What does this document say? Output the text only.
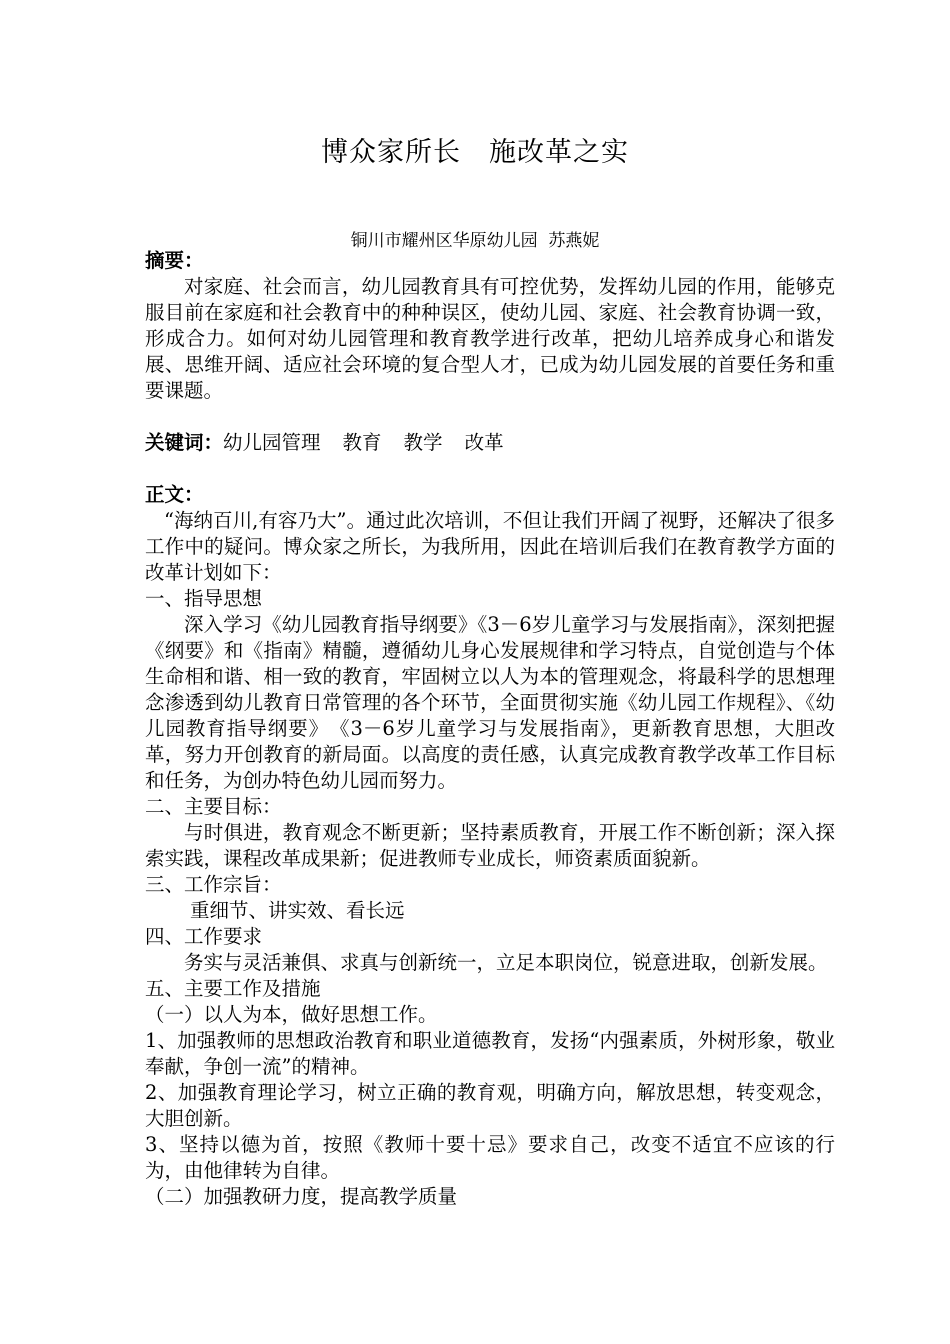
博众家所长　施改革之实
铜川市耀州区华原幼儿园  苏燕妮

摘要：

对家庭、社会而言，幼儿园教育具有可控优势，发挥幼儿园的作用，能够克服目前在家庭和社会教育中的种种误区，使幼儿园、家庭、社会教育协调一致，形成合力。如何对幼儿园管理和教育教学进行改革，把幼儿培养成身心和谐发展、思维开阔、适应社会环境的复合型人才，已成为幼儿园发展的首要任务和重要课题。

关键词：幼儿园管理 教育 教学 改革

正文：

“海纳百川,有容乃大”。通过此次培训，不但让我们开阔了视野，还解决了很多工作中的疑问。博众家之所长，为我所用，因此在培训后我们在教育教学方面的改革计划如下：

一、指导思想

深入学习《幼儿园教育指导纲要》《3－6岁儿童学习与发展指南》，深刻把握《纲要》和《指南》精髓，遵循幼儿身心发展规律和学习特点，自觉创造与个体生命相和谐、相一致的教育，牢固树立以人为本的管理观念，将最科学的思想理念渗透到幼儿教育日常管理的各个环节，全面贯彻实施《幼儿园工作规程》、《幼儿园教育指导纲要》　《3－6岁儿童学习与发展指南》，更新教育思想，大胆改革，努力开创教育的新局面。以高度的责任感，认真完成教育教学改革工作目标和任务，为创办特色幼儿园而努力。

二、主要目标：

与时俱进，教育观念不断更新；坚持素质教育，开展工作不断创新；深入探索实践，课程改革成果新；促进教师专业成长，师资素质面貌新。

三、工作宗旨：

重细节、讲实效、看长远

四、工作要求

务实与灵活兼俱、求真与创新统一，立足本职岗位，锐意进取，创新发展。

五、主要工作及措施

（一）以人为本，做好思想工作。

1、加强教师的思想政治教育和职业道德教育，发扬“内强素质，外树形象，敬业奉献，争创一流”的精神。

2、加强教育理论学习，树立正确的教育观，明确方向，解放思想，转变观念，大胆创新。

3、坚持以德为首，按照《教师十要十忌》要求自己，改变不适宜不应该的行为，由他律转为自律。

（二）加强教研力度，提高教学质量
